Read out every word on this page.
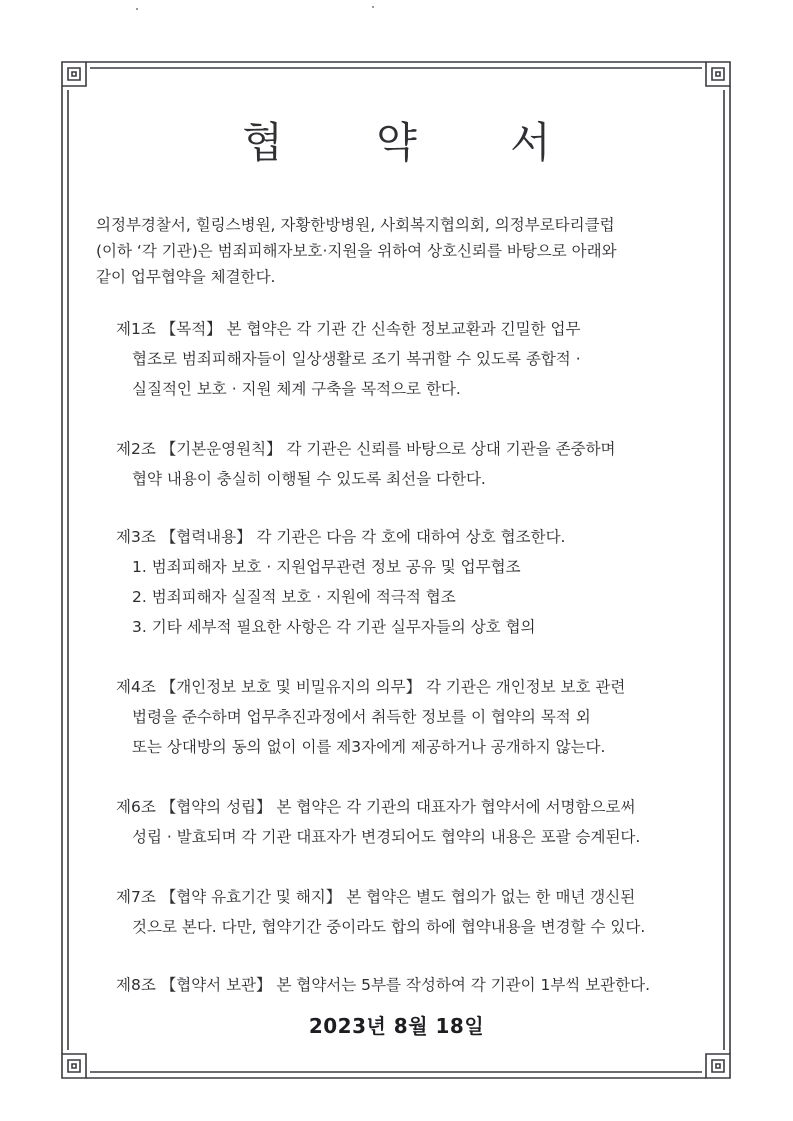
협 약 서

의정부경찰서, 힐링스병원, 자황한방병원, 사회복지협의회, 의정부로타리클럽

(이하 ‘각 기관)은 범죄피해자보호·지원을 위하여 상호신뢰를 바탕으로 아래와

같이 업무협약을 체결한다.

제1조 【목적】 본 협약은 각 기관 간 신속한 정보교환과 긴밀한 업무
협조로 범죄피해자들이 일상생활로 조기 복귀할 수 있도록 종합적 ·
실질적인 보호 · 지원 체계 구축을 목적으로 한다.
제2조 【기본운영원칙】 각 기관은 신뢰를 바탕으로 상대 기관을 존중하며
협약 내용이 충실히 이행될 수 있도록 최선을 다한다.
제3조 【협력내용】 각 기관은 다음 각 호에 대하여 상호 협조한다.
1. 범죄피해자 보호 · 지원업무관련 정보 공유 및 업무협조
2. 범죄피해자 실질적 보호 · 지원에 적극적 협조
3. 기타 세부적 필요한 사항은 각 기관 실무자들의 상호 협의
제4조 【개인정보 보호 및 비밀유지의 의무】 각 기관은 개인정보 보호 관련
법령을 준수하며 업무추진과정에서 취득한 정보를 이 협약의 목적 외
또는 상대방의 동의 없이 이를 제3자에게 제공하거나 공개하지 않는다.
제6조 【협약의 성립】 본 협약은 각 기관의 대표자가 협약서에 서명함으로써
성립 · 발효되며 각 기관 대표자가 변경되어도 협약의 내용은 포괄 승계된다.
제7조 【협약 유효기간 및 해지】 본 협약은 별도 협의가 없는 한 매년 갱신된
것으로 본다. 다만, 협약기간 중이라도 합의 하에 협약내용을 변경할 수 있다.
제8조 【협약서 보관】 본 협약서는 5부를 작성하여 각 기관이 1부씩 보관한다.
2023년 8월 18일
